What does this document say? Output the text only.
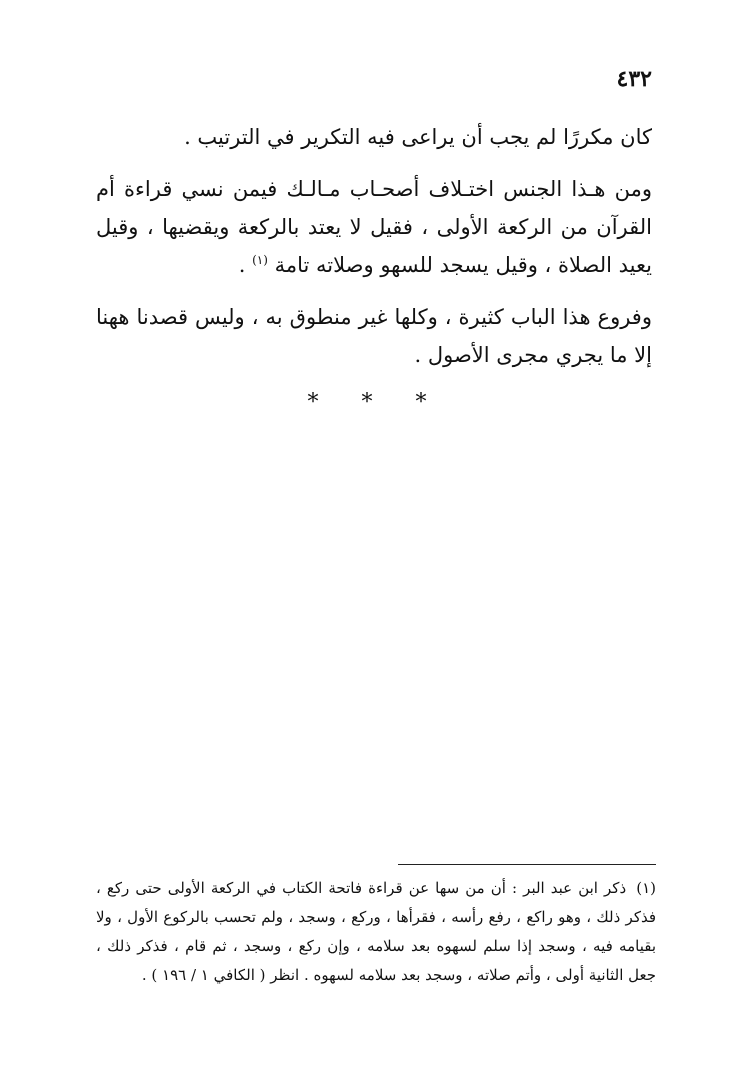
٤٣٢

كان مكررًا لم يجب أن يراعى فيه التكرير في الترتيب .

ومن هـذا الجنس اختـلاف أصحـاب مـالـك فيمن نسي قراءة أم القرآن من الركعة الأولى ، فقيل لا يعتد بالركعة ويقضيها ، وقيل يعيد الصلاة ، وقيل يسجد للسهو وصلاته تامة $^{(١)}$ .

وفروع هذا الباب كثيرة ، وكلها غير منطوق به ، وليس قصدنا ههنا إلا ما يجري مجرى الأصول .

* * *

(١) ذكر ابن عبد البر : أن من سها عن قراءة فاتحة الكتاب في الركعة الأولى حتى ركع ، فذكر ذلك ، وهو راكع ، رفع رأسه ، فقرأها ، وركع ، وسجد ، ولم تحسب بالركوع الأول ، ولا بقيامه فيه ، وسجد إذا سلم لسهوه بعد سلامه ، وإن ركع ، وسجد ، ثم قام ، فذكر ذلك ، جعل الثانية أولى ، وأتم صلاته ، وسجد بعد سلامه لسهوه . انظر ( الكافي ١ / ١٩٦ ) .
